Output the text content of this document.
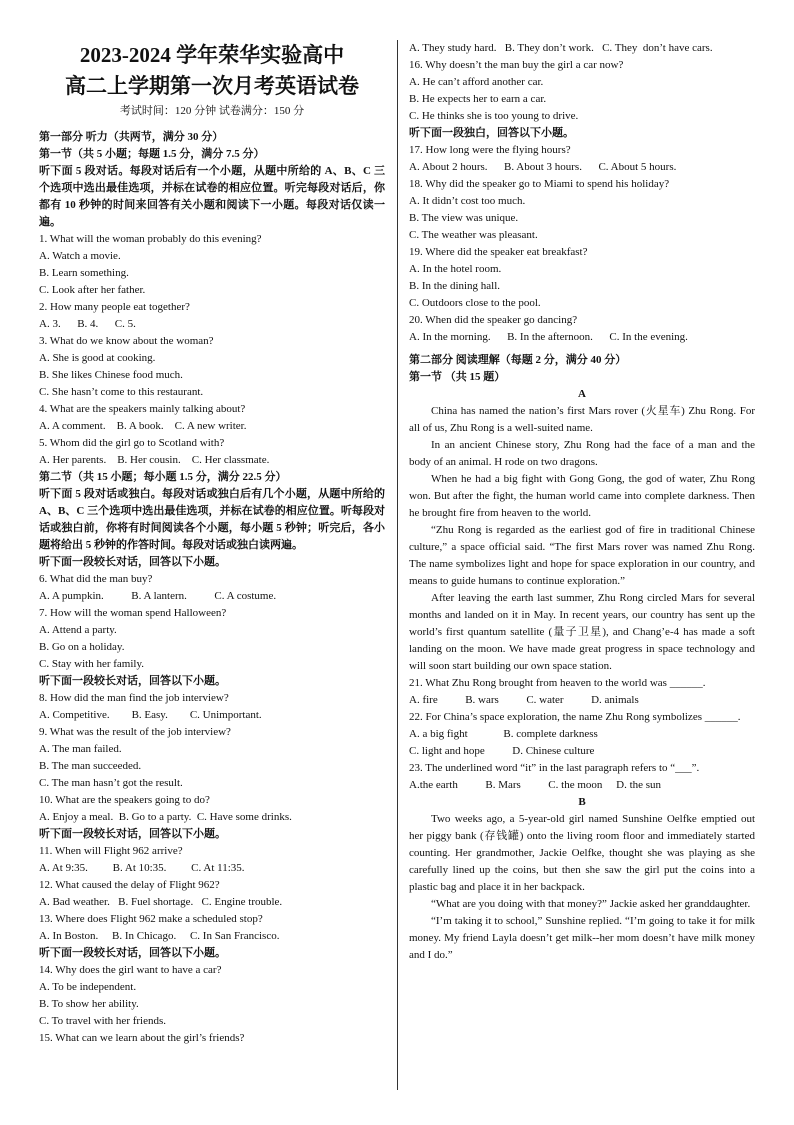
2023-2024 学年荣华实验高中
高二上学期第一次月考英语试卷
考试时间：120 分钟 试卷满分：150 分

第一部分 听力（共两节，满分 30 分）

第一节（共 5 小题；每题 1.5 分，满分 7.5 分）

听下面 5 段对话。每段对话后有一个小题，从题中所给的 A、B、C 三个选项中选出最佳选项，并标在试卷的相应位置。听完每段对话后，你都有 10 秒钟的时间来回答有关小题和阅读下一小题。每段对话仅读一遍。

1. What will the woman probably do this evening?

A. Watch a movie.

B. Learn something.

C. Look after her father.

2. How many people eat together?

A. 3.      B. 4.      C. 5.

3. What do we know about the woman?

A. She is good at cooking.

B. She likes Chinese food much.

C. She hasn’t come to this restaurant.

4. What are the speakers mainly talking about?

A. A comment.    B. A book.    C. A new writer.

5. Whom did the girl go to Scotland with?

A. Her parents.    B. Her cousin.    C. Her classmate.

第二节（共 15 小题；每小题 1.5 分，满分 22.5 分）

听下面 5 段对话或独白。每段对话或独白后有几个小题，从题中所给的 A、B、C 三个选项中选出最佳选项，并标在试卷的相应位置。听每段对话或独白前，你将有时间阅读各个小题，每小题 5 秒钟；听完后，各小题将给出 5 秒钟的作答时间。每段对话或独白读两遍。

听下面一段较长对话，回答以下小题。

6. What did the man buy?

A. A pumpkin.          B. A lantern.          C. A costume.

7. How will the woman spend Halloween?

A. Attend a party.

B. Go on a holiday.

C. Stay with her family.

听下面一段较长对话，回答以下小题。

8. How did the man find the job interview?

A. Competitive.        B. Easy.        C. Unimportant.

9. What was the result of the job interview?

A. The man failed.

B. The man succeeded.

C. The man hasn’t got the result.

10. What are the speakers going to do?

A. Enjoy a meal.  B. Go to a party.  C. Have some drinks.

听下面一段较长对话，回答以下小题。

11. When will Flight 962 arrive?

A. At 9:35.         B. At 10:35.         C. At 11:35.

12. What caused the delay of Flight 962?

A. Bad weather.   B. Fuel shortage.   C. Engine trouble.

13. Where does Flight 962 make a scheduled stop?

A. In Boston.     B. In Chicago.     C. In San Francisco.

听下面一段较长对话，回答以下小题。

14. Why does the girl want to have a car?

A. To be independent.

B. To show her ability.

C. To travel with her friends.

15. What can we learn about the girl’s friends?

A. They study hard.   B. They don’t work.   C. They  don’t have cars.

16. Why doesn’t the man buy the girl a car now?

A. He can’t afford another car.

B. He expects her to earn a car.

C. He thinks she is too young to drive.

听下面一段独白，回答以下小题。

17. How long were the flying hours?

A. About 2 hours.      B. About 3 hours.      C. About 5 hours.

18. Why did the speaker go to Miami to spend his holiday?

A. It didn’t cost too much.

B. The view was unique.

C. The weather was pleasant.

19. Where did the speaker eat breakfast?

A. In the hotel room.

B. In the dining hall.

C. Outdoors close to the pool.

20. When did the speaker go dancing?

A. In the morning.      B. In the afternoon.      C. In the evening.

第二部分 阅读理解（每题 2 分，满分 40 分）

第一节 （共 15 题）

A

China has named the nation’s first Mars rover (火星车) Zhu Rong. For all of us, Zhu Rong is a well-suited name.

In an ancient Chinese story, Zhu Rong had the face of a man and the body of an animal. H rode on two dragons.

When he had a big fight with Gong Gong, the god of water, Zhu Rong won. But after the fight, the human world came into complete darkness. Then he brought fire from heaven to the world.

“Zhu Rong is regarded as the earliest god of fire in traditional Chinese culture,” a space official said. “The first Mars rover was named Zhu Rong. The name symbolizes light and hope for space exploration in our country, and means to guide humans to continue exploration.”

After leaving the earth last summer, Zhu Rong circled Mars for several months and landed on it in May. In recent years, our country has sent up the world’s first quantum satellite (量子卫星), and Chang’e-4 has made a soft landing on the moon. We have made great progress in space technology and will soon start building our own space station.

21. What Zhu Rong brought from heaven to the world was ______.

A. fire          B. wars          C. water          D. animals

22. For China’s space exploration, the name Zhu Rong symbolizes ______.

A. a big fight             B. complete darkness

C. light and hope          D. Chinese culture

23. The underlined word “it” in the last paragraph refers to “___”.

A.the earth          B. Mars          C. the moon     D. the sun

B

Two weeks ago, a 5-year-old girl named Sunshine Oelfke emptied out her piggy bank (存钱罐) onto the living room floor and immediately started counting. Her grandmother, Jackie Oelfke, thought she was playing as she carefully lined up the coins, but then she saw the girl put the coins into a plastic bag and place it in her backpack.

“What are you doing with that money?” Jackie asked her granddaughter.

“I’m taking it to school,” Sunshine replied. “I’m going to take it for milk money. My friend Layla doesn’t get milk--her mom doesn’t have milk money and I do.”
